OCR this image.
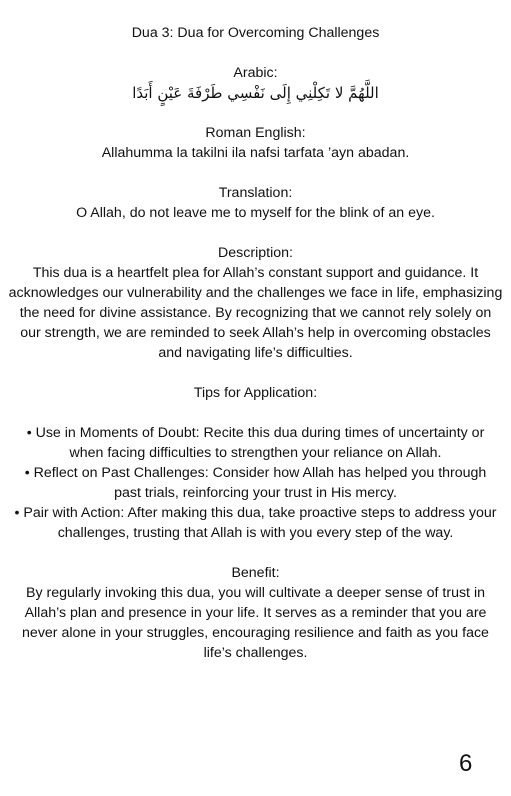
Dua 3: Dua for Overcoming Challenges

Arabic:

اللَّهُمَّ لا تَكِلْنِي إِلَى نَفْسِي طَرْفَةَ عَيْنٍ أَبَدًا

Roman English:

Allahumma la takilni ila nafsi tarfata ’ayn abadan.

Translation:

O Allah, do not leave me to myself for the blink of an eye.

Description:

This dua is a heartfelt plea for Allah’s constant support and guidance. It

acknowledges our vulnerability and the challenges we face in life, emphasizing

the need for divine assistance. By recognizing that we cannot rely solely on

our strength, we are reminded to seek Allah’s help in overcoming obstacles

and navigating life’s difficulties.

Tips for Application:

• Use in Moments of Doubt: Recite this dua during times of uncertainty or

when facing difficulties to strengthen your reliance on Allah.

• Reflect on Past Challenges: Consider how Allah has helped you through

past trials, reinforcing your trust in His mercy.

• Pair with Action: After making this dua, take proactive steps to address your

challenges, trusting that Allah is with you every step of the way.

Benefit:

By regularly invoking this dua, you will cultivate a deeper sense of trust in

Allah’s plan and presence in your life. It serves as a reminder that you are

never alone in your struggles, encouraging resilience and faith as you face

life’s challenges.

6
